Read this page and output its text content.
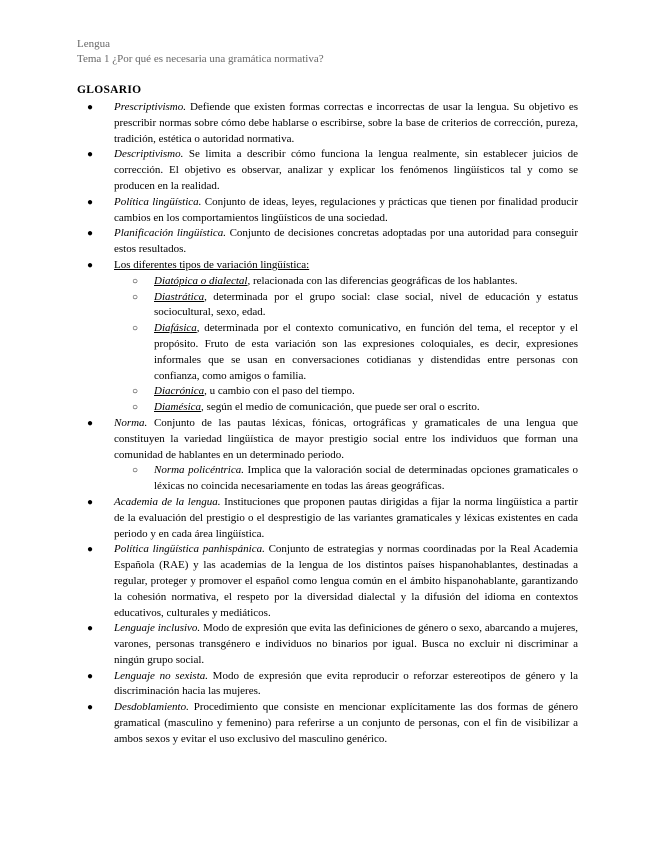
Lengua
Tema 1 ¿Por qué es necesaria una gramática normativa?
GLOSARIO
● Prescriptivismo. Defiende que existen formas correctas e incorrectas de usar la lengua. Su objetivo es prescribir normas sobre cómo debe hablarse o escribirse, sobre la base de criterios de corrección, pureza, tradición, estética o autoridad normativa.
● Descriptivismo. Se limita a describir cómo funciona la lengua realmente, sin establecer juicios de corrección. El objetivo es observar, analizar y explicar los fenómenos lingüísticos tal y como se producen en la realidad.
● Política lingüística. Conjunto de ideas, leyes, regulaciones y prácticas que tienen por finalidad producir cambios en los comportamientos lingüísticos de una sociedad.
● Planificación lingüística. Conjunto de decisiones concretas adoptadas por una autoridad para conseguir estos resultados.
● Los diferentes tipos de variación lingüística:
○ Diatópica o dialectal, relacionada con las diferencias geográficas de los hablantes.
○ Diastrática, determinada por el grupo social: clase social, nivel de educación y estatus sociocultural, sexo, edad.
○ Diafásica, determinada por el contexto comunicativo, en función del tema, el receptor y el propósito. Fruto de esta variación son las expresiones coloquiales, es decir, expresiones informales que se usan en conversaciones cotidianas y distendidas entre personas con confianza, como amigos o familia.
○ Diacrónica, u cambio con el paso del tiempo.
○ Diamésica, según el medio de comunicación, que puede ser oral o escrito.
● Norma. Conjunto de las pautas léxicas, fónicas, ortográficas y gramaticales de una lengua que constituyen la variedad lingüística de mayor prestigio social entre los individuos que forman una comunidad de hablantes en un determinado periodo.
○ Norma policéntrica. Implica que la valoración social de determinadas opciones gramaticales o léxicas no coincida necesariamente en todas las áreas geográficas.
● Academia de la lengua. Instituciones que proponen pautas dirigidas a fijar la norma lingüística a partir de la evaluación del prestigio o el desprestigio de las variantes gramaticales y léxicas existentes en cada periodo y en cada área lingüística.
● Política lingüística panhispánica. Conjunto de estrategias y normas coordinadas por la Real Academia Española (RAE) y las academias de la lengua de los distintos países hispanohablantes, destinadas a regular, proteger y promover el español como lengua común en el ámbito hispanohablante, garantizando la cohesión normativa, el respeto por la diversidad dialectal y la difusión del idioma en contextos educativos, culturales y mediáticos.
● Lenguaje inclusivo. Modo de expresión que evita las definiciones de género o sexo, abarcando a mujeres, varones, personas transgénero e individuos no binarios por igual. Busca no excluir ni discriminar a ningún grupo social.
● Lenguaje no sexista. Modo de expresión que evita reproducir o reforzar estereotipos de género y la discriminación hacia las mujeres.
● Desdoblamiento. Procedimiento que consiste en mencionar explícitamente las dos formas de género gramatical (masculino y femenino) para referirse a un conjunto de personas, con el fin de visibilizar a ambos sexos y evitar el uso exclusivo del masculino genérico.
